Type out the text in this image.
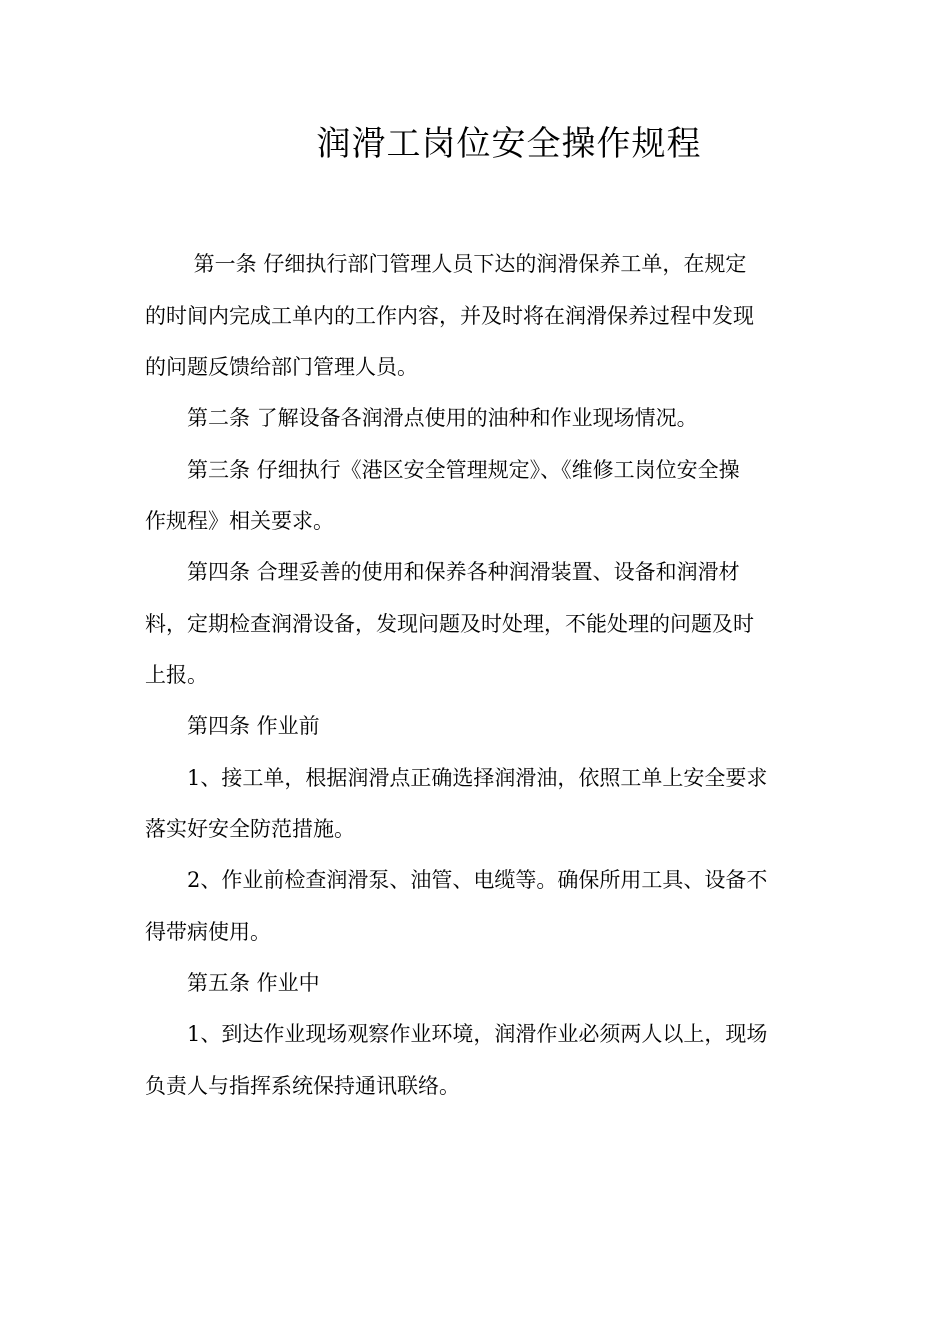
润滑工岗位安全操作规程
　　 第一条 仔细执行部门管理人员下达的润滑保养工单，在规定
的时间内完成工单内的工作内容，并及时将在润滑保养过程中发现
的问题反馈给部门管理人员。
　　第二条 了解设备各润滑点使用的油种和作业现场情况。
　　第三条 仔细执行《港区安全管理规定》、《维修工岗位安全操
作规程》相关要求。
　　第四条 合理妥善的使用和保养各种润滑装置、设备和润滑材
料，定期检查润滑设备，发现问题及时处理，不能处理的问题及时
上报。
　　第四条 作业前
　　1、接工单，根据润滑点正确选择润滑油，依照工单上安全要求
落实好安全防范措施。
　　2、作业前检查润滑泵、油管、电缆等。确保所用工具、设备不
得带病使用。
　　第五条 作业中
　　1、到达作业现场观察作业环境，润滑作业必须两人以上，现场
负责人与指挥系统保持通讯联络。
